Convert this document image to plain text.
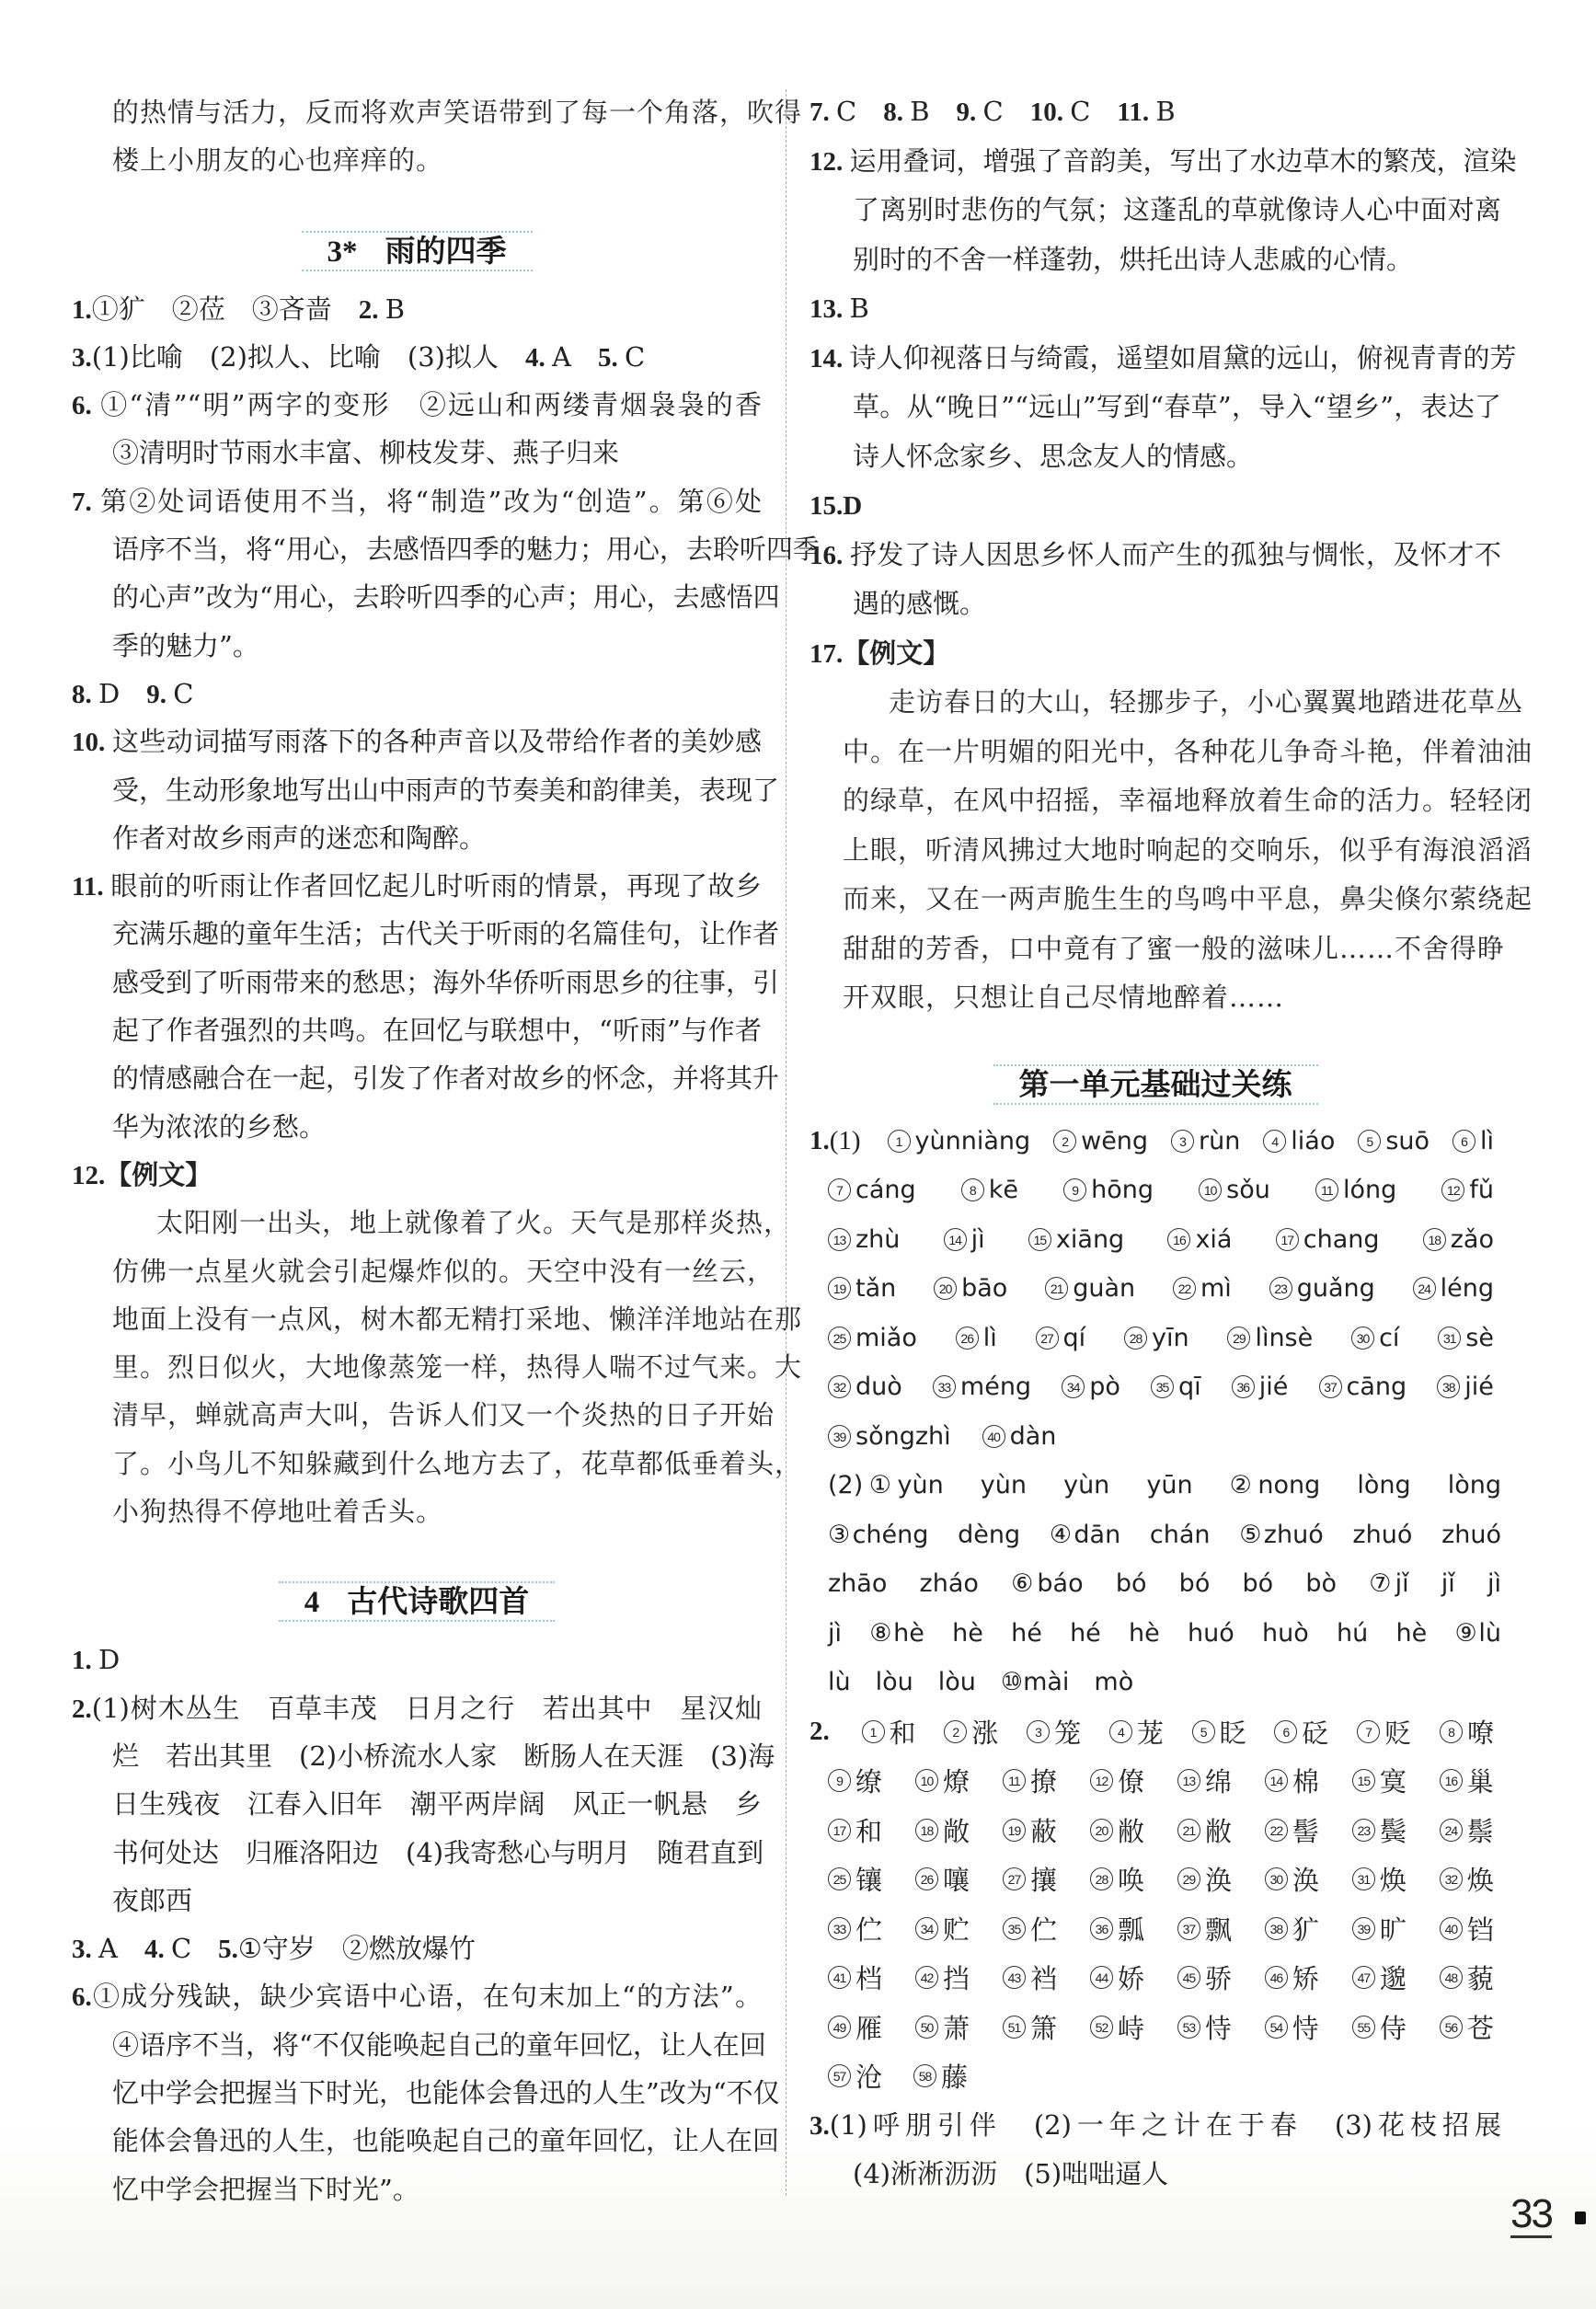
的热情与活力，反而将欢声笑语带到了每一个角落，吹得
楼上小朋友的心也痒痒的。
3* 雨的四季
1.①犷　②莅　③吝啬　2. B
3.(1)比喻　(2)拟人、比喻　(3)拟人　4. A　5. C
6. ①“清”“明”两字的变形　②远山和两缕青烟袅袅的香
③清明时节雨水丰富、柳枝发芽、燕子归来
7. 第②处词语使用不当，将“制造”改为“创造”。第⑥处
语序不当，将“用心，去感悟四季的魅力；用心，去聆听四季
的心声”改为“用心，去聆听四季的心声；用心，去感悟四
季的魅力”。
8. D　9. C
10. 这些动词描写雨落下的各种声音以及带给作者的美妙感
受，生动形象地写出山中雨声的节奏美和韵律美，表现了
作者对故乡雨声的迷恋和陶醉。
11. 眼前的听雨让作者回忆起儿时听雨的情景，再现了故乡
充满乐趣的童年生活；古代关于听雨的名篇佳句，让作者
感受到了听雨带来的愁思；海外华侨听雨思乡的往事，引
起了作者强烈的共鸣。在回忆与联想中，“听雨”与作者
的情感融合在一起，引发了作者对故乡的怀念，并将其升
华为浓浓的乡愁。
12.【例文】
太阳刚一出头，地上就像着了火。天气是那样炎热，
仿佛一点星火就会引起爆炸似的。天空中没有一丝云，
地面上没有一点风，树木都无精打采地、懒洋洋地站在那
里。烈日似火，大地像蒸笼一样，热得人喘不过气来。大
清早，蝉就高声大叫，告诉人们又一个炎热的日子开始
了。小鸟儿不知躲藏到什么地方去了，花草都低垂着头，
小狗热得不停地吐着舌头。
4 古代诗歌四首
1. D
2.(1)树木丛生　百草丰茂　日月之行　若出其中　星汉灿
烂　若出其里　(2)小桥流水人家　断肠人在天涯　(3)海
日生残夜　江春入旧年　潮平两岸阔　风正一帆悬　乡
书何处达　归雁洛阳边　(4)我寄愁心与明月　随君直到
夜郎西
3. A　4. C　5.①守岁　②燃放爆竹
6.①成分残缺，缺少宾语中心语，在句末加上“的方法”。
④语序不当，将“不仅能唤起自己的童年回忆，让人在回
忆中学会把握当下时光，也能体会鲁迅的人生”改为“不仅
能体会鲁迅的人生，也能唤起自己的童年回忆，让人在回
忆中学会把握当下时光”。
7. C　8. B　9. C　10. C　11. B
12. 运用叠词，增强了音韵美，写出了水边草木的繁茂，渲染
了离别时悲伤的气氛；这蓬乱的草就像诗人心中面对离
别时的不舍一样蓬勃，烘托出诗人悲戚的心情。
13. B
14. 诗人仰视落日与绮霞，遥望如眉黛的远山，俯视青青的芳
草。从“晚日”“远山”写到“春草”，导入“望乡”，表达了
诗人怀念家乡、思念友人的情感。
15.D
16. 抒发了诗人因思乡怀人而产生的孤独与惆怅，及怀才不
遇的感慨。
17.【例文】
走访春日的大山，轻挪步子，小心翼翼地踏进花草丛
中。在一片明媚的阳光中，各种花儿争奇斗艳，伴着油油
的绿草，在风中招摇，幸福地释放着生命的活力。轻轻闭
上眼，听清风拂过大地时响起的交响乐，似乎有海浪滔滔
而来，又在一两声脆生生的鸟鸣中平息，鼻尖倏尔萦绕起
甜甜的芳香，口中竟有了蜜一般的滋味儿……不舍得睁
开双眼，只想让自己尽情地醉着……
第一单元基础过关练
1.(1)	1 yùnniàng	2 wēng	3 rùn	4 liáo	5 suō	6 lì
7 cáng	8 kē	9 hōng	10 sǒu	11 lóng	12 fǔ
13 zhù	14 jì	15 xiāng	16 xiá	17 chang	18 zǎo
19 tǎn	20 bāo	21 guàn	22 mì	23 guǎng	24 léng
25 miǎo	26 lì	27 qí	28 yīn	29 lìnsè	30 cí	31 sè
32 duò	33 méng	34 pò	35 qī	36 jié	37 cāng	38 jié
39 sǒngzhì	40 dàn
(2)①yùn　yùn　yùn　yūn　②nong　lòng　lòng
③chéng　dèng　④dān　chán　⑤zhuó　zhuó　zhuó
zhāo　zháo　⑥báo　bó　bó　bó　bò　⑦jǐ　jǐ　jì
jì　⑧hè　hè　hé　hé　hè　huó　huò　hú　hè　⑨lù
lù　lòu　lòu　⑩mài　mò
2.	1 和	2 涨	3 笼	4 茏	5 眨	6 砭	7 贬	8 嘹
9 缭	10 燎	11 撩	12 僚	13 绵	14 棉	15 寞	16 巢
17 和	18 敞	19 蔽	20 敝	21 敝	22 髻	23 鬓	24 鬃
25 镶	26 嚷	27 攘	28 唤	29 涣	30 涣	31 焕	32 焕
33 伫	34 贮	35 伫	36 瓢	37 飘	38 犷	39 旷	40 铛
41 档	42 挡	43 裆	44 娇	45 骄	46 矫	47 邈	48 藐
49 雁	50 萧	51 箫	52 峙	53 恃	54 恃	55 侍	56 苍
57 沧	58 藤
3.(1)呼朋引伴　(2)一年之计在于春　(3)花枝招展
(4)淅淅沥沥　(5)咄咄逼人
33
